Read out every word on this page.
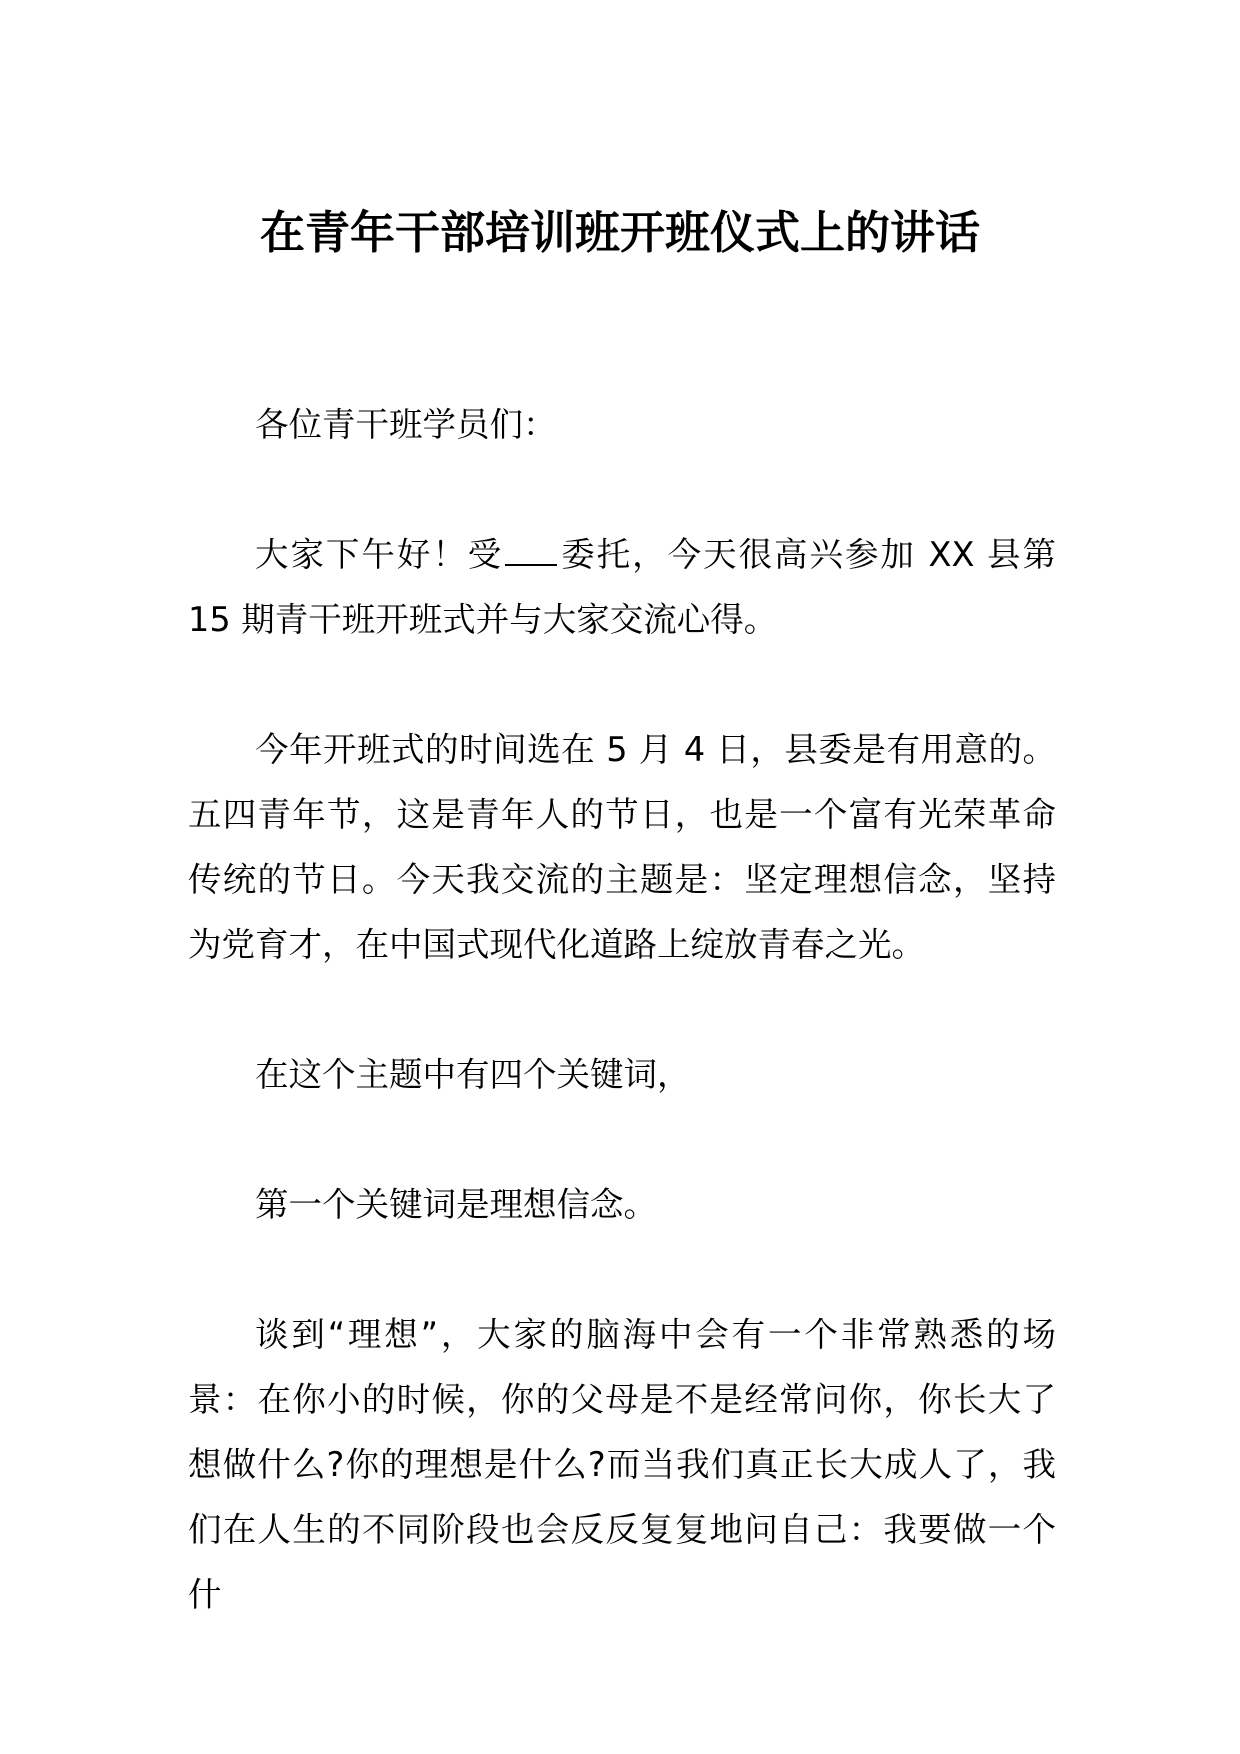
在青年干部培训班开班仪式上的讲话

各位青干班学员们：

大家下午好！受 委托，今天很高兴参加 XX 县第 15 期青干班开班式并与大家交流心得。

今年开班式的时间选在 5 月 4 日，县委是有用意的。五四青年节，这是青年人的节日，也是一个富有光荣革命传统的节日。今天我交流的主题是：坚定理想信念，坚持为党育才，在中国式现代化道路上绽放青春之光。

在这个主题中有四个关键词，

第一个关键词是理想信念。

谈到“理想”，大家的脑海中会有一个非常熟悉的场景：在你小的时候，你的父母是不是经常问你，你长大了想做什么?你的理想是什么?而当我们真正长大成人了，我们在人生的不同阶段也会反反复复地问自己：我要做一个什
